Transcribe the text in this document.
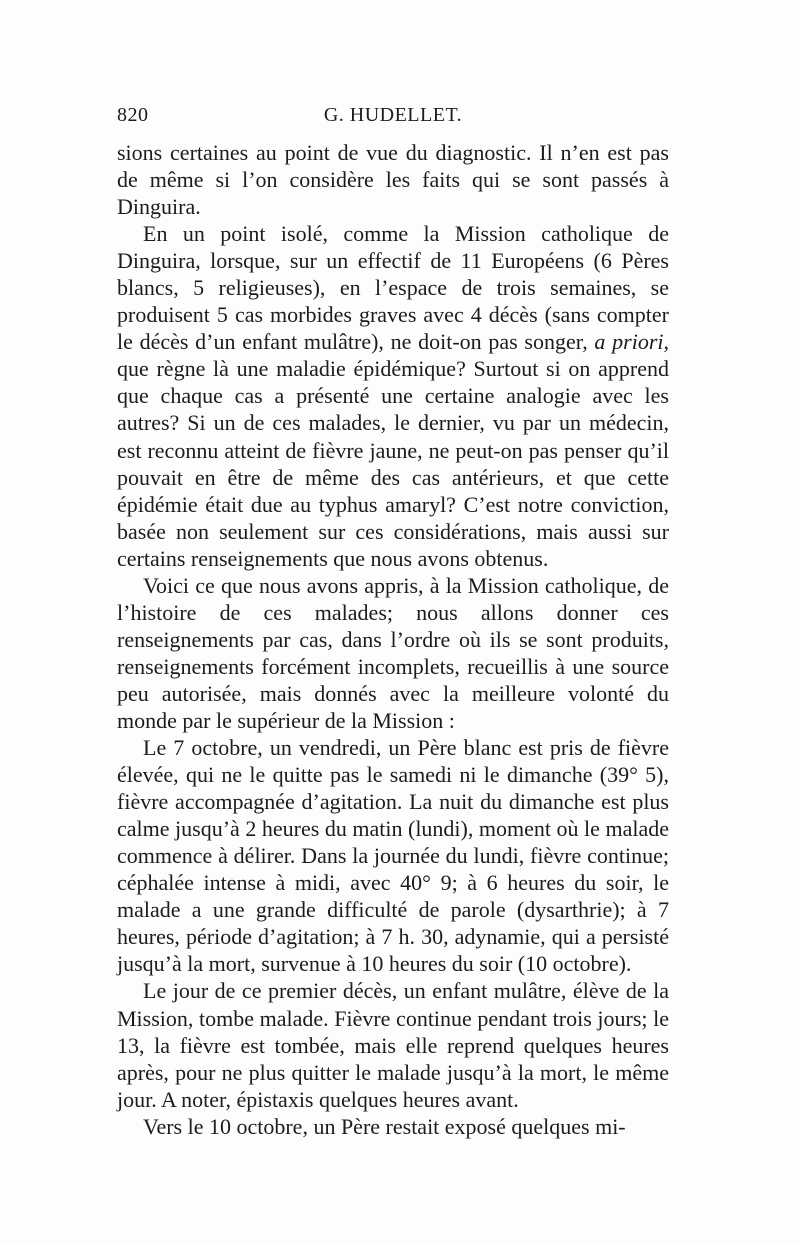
820	G. HUDELLET.

sions certaines au point de vue du diagnostic. Il n’en est pas de même si l’on considère les faits qui se sont passés à Dinguira.

En un point isolé, comme la Mission catholique de Dinguira, lorsque, sur un effectif de 11 Européens (6 Pères blancs, 5 religieuses), en l’espace de trois semaines, se produisent 5 cas morbides graves avec 4 décès (sans compter le décès d’un enfant mulâtre), ne doit-on pas songer, a priori, que règne là une maladie épidémique? Surtout si on apprend que chaque cas a présenté une certaine analogie avec les autres? Si un de ces malades, le dernier, vu par un médecin, est reconnu atteint de fièvre jaune, ne peut-on pas penser qu’il pouvait en être de même des cas antérieurs, et que cette épidémie était due au typhus amaryl? C’est notre conviction, basée non seulement sur ces considérations, mais aussi sur certains renseignements que nous avons obtenus.

Voici ce que nous avons appris, à la Mission catholique, de l’histoire de ces malades; nous allons donner ces renseignements par cas, dans l’ordre où ils se sont produits, renseignements forcément incomplets, recueillis à une source peu autorisée, mais donnés avec la meilleure volonté du monde par le supérieur de la Mission :

Le 7 octobre, un vendredi, un Père blanc est pris de fièvre élevée, qui ne le quitte pas le samedi ni le dimanche (39° 5), fièvre accompagnée d’agitation. La nuit du dimanche est plus calme jusqu’à 2 heures du matin (lundi), moment où le malade commence à délirer. Dans la journée du lundi, fièvre continue; céphalée intense à midi, avec 40° 9; à 6 heures du soir, le malade a une grande difficulté de parole (dysarthrie); à 7 heures, période d’agitation; à 7 h. 30, adynamie, qui a persisté jusqu’à la mort, survenue à 10 heures du soir (10 octobre).

Le jour de ce premier décès, un enfant mulâtre, élève de la Mission, tombe malade. Fièvre continue pendant trois jours; le 13, la fièvre est tombée, mais elle reprend quelques heures après, pour ne plus quitter le malade jusqu’à la mort, le même jour. A noter, épistaxis quelques heures avant.

Vers le 10 octobre, un Père restait exposé quelques mi-
